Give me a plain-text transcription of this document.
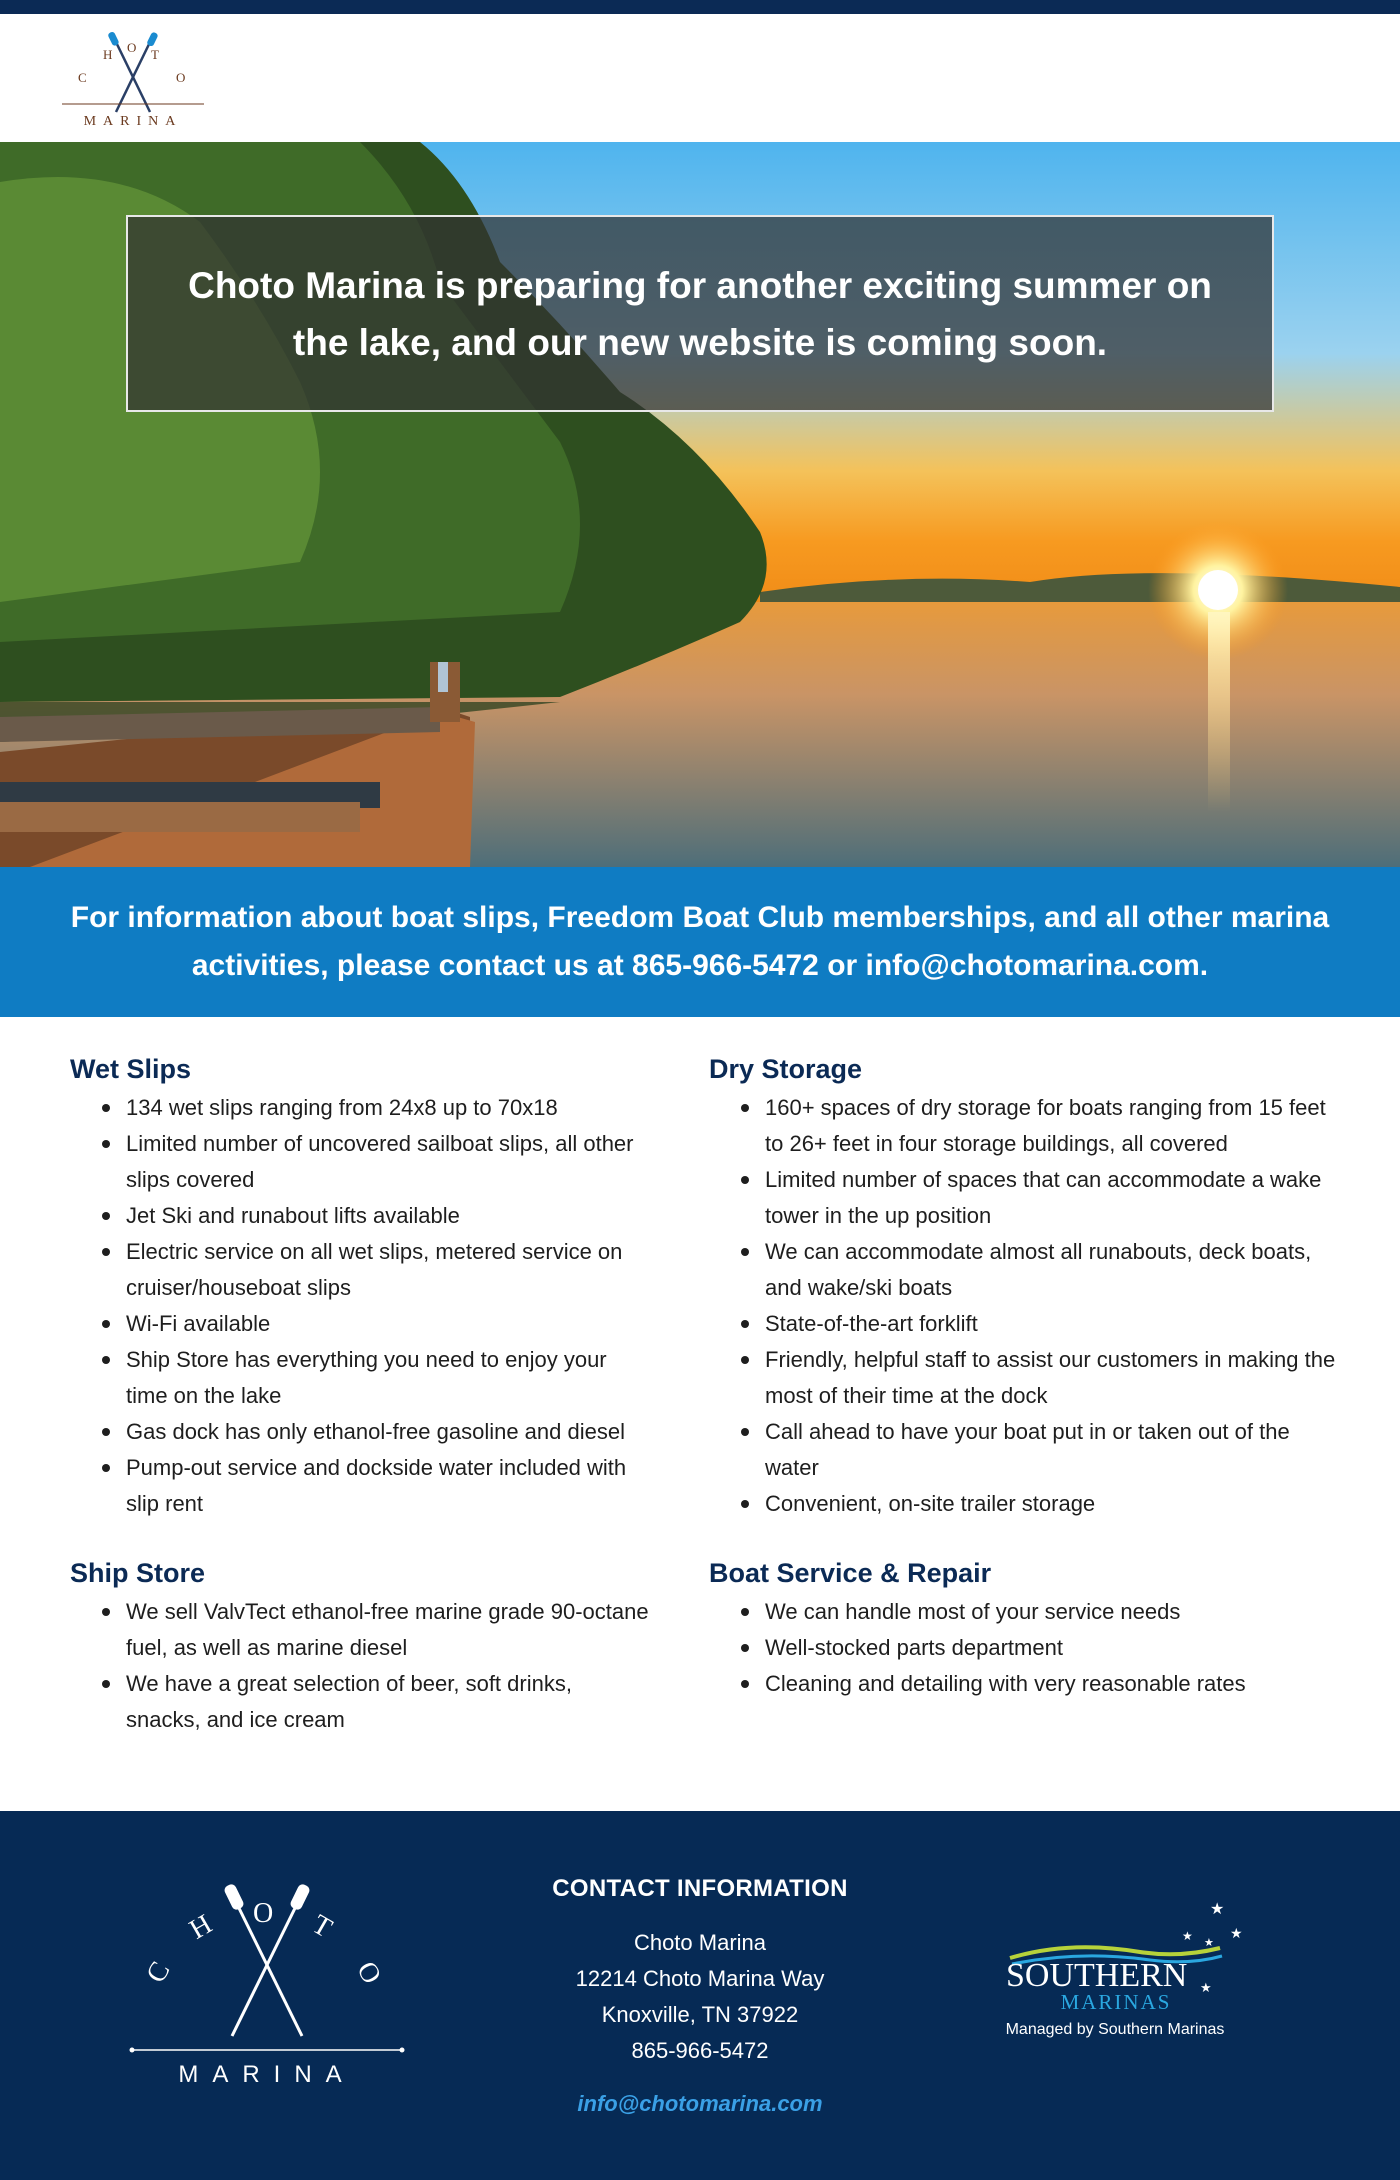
C
H O T
O
MARINA

Choto Marina is preparing for another exciting summer on the lake, and our new website is coming soon.

For information about boat slips, Freedom Boat Club memberships, and all other marina activities, please contact us at 865-966-5472 or info@chotomarina.com.

Wet Slips
134 wet slips ranging from 24x8 up to 70x18
Limited number of uncovered sailboat slips, all other slips covered
Jet Ski and runabout lifts available
Electric service on all wet slips, metered service on cruiser/houseboat slips
Wi-Fi available
Ship Store has everything you need to enjoy your time on the lake
Gas dock has only ethanol-free gasoline and diesel
Pump-out service and dockside water included with slip rent
Ship Store
We sell ValvTect ethanol-free marine grade 90-octane fuel, as well as marine diesel
We have a great selection of beer, soft drinks, snacks, and ice cream
Dry Storage
160+ spaces of dry storage for boats ranging from 15 feet to 26+ feet in four storage buildings, all covered
Limited number of spaces that can accommodate a wake tower in the up position
We can accommodate almost all runabouts, deck boats, and wake/ski boats
State-of-the-art forklift
Friendly, helpful staff to assist our customers in making the most of their time at the dock
Call ahead to have your boat put in or taken out of the water
Convenient, on-site trailer storage
Boat Service & Repair
We can handle most of your service needs
Well-stocked parts department
Cleaning and detailing with very reasonable rates
C
H O T
O
MARINA
CONTACT INFORMATION
Choto Marina
12214 Choto Marina Way
Knoxville, TN 37922
865-966-5472
info@chotomarina.com
★
★
★ ★
★
SOUTHERN
MARINAS
Managed by Southern Marinas
